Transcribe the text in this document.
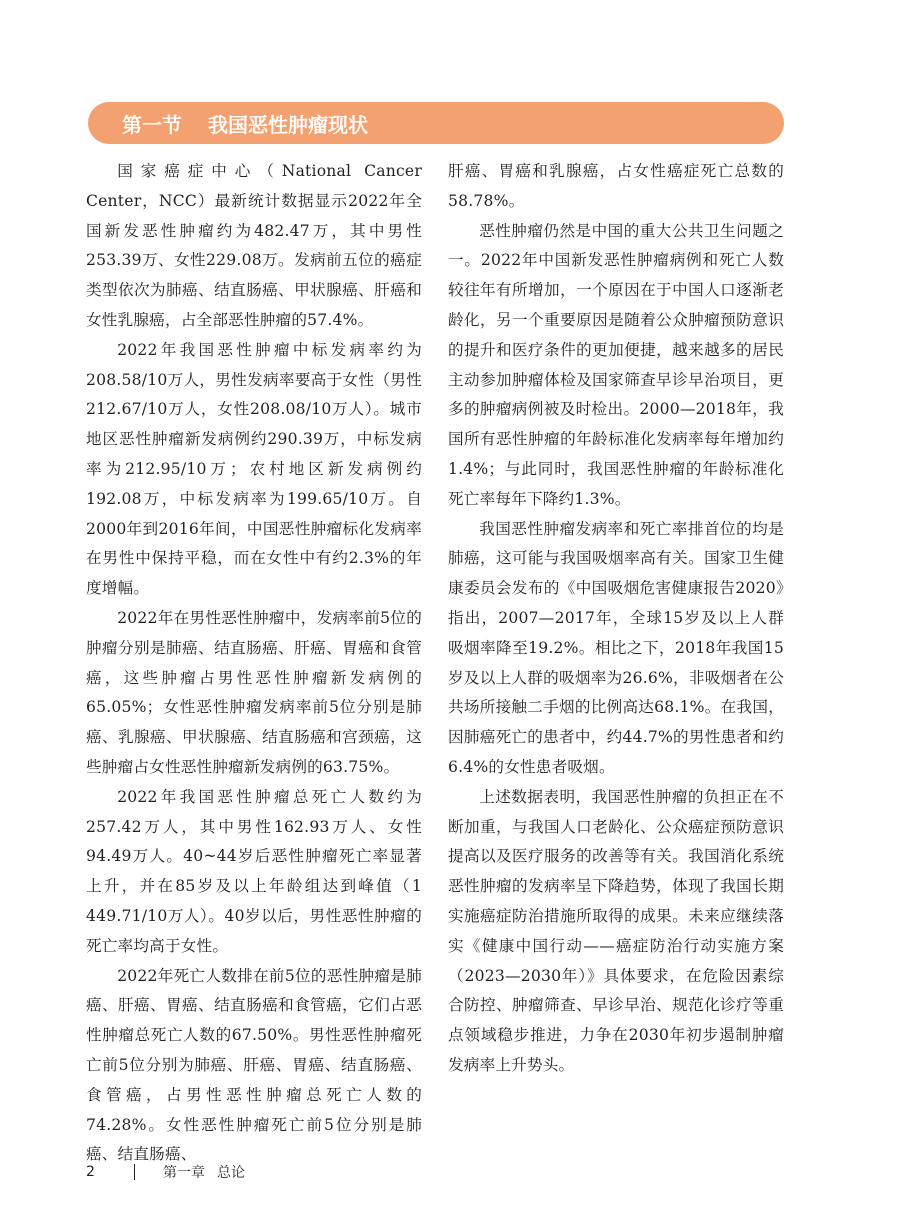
第一节 我国恶性肿瘤现状

国家癌症中心（National Cancer Center，NCC）最新统计数据显示2022年全国新发恶性肿瘤约为482.47万，其中男性253.39万、女性229.08万。发病前五位的癌症类型依次为肺癌、结直肠癌、甲状腺癌、肝癌和女性乳腺癌，占全部恶性肿瘤的57.4%。

2022年我国恶性肿瘤中标发病率约为208.58/10万人，男性发病率要高于女性（男性212.67/10万人，女性208.08/10万人）。城市地区恶性肿瘤新发病例约290.39万，中标发病率为212.95/10万；农村地区新发病例约192.08万，中标发病率为199.65/10万。自2000年到2016年间，中国恶性肿瘤标化发病率在男性中保持平稳，而在女性中有约2.3%的年度增幅。

2022年在男性恶性肿瘤中，发病率前5位的肿瘤分别是肺癌、结直肠癌、肝癌、胃癌和食管癌，这些肿瘤占男性恶性肿瘤新发病例的65.05%；女性恶性肿瘤发病率前5位分别是肺癌、乳腺癌、甲状腺癌、结直肠癌和宫颈癌，这些肿瘤占女性恶性肿瘤新发病例的63.75%。

2022年我国恶性肿瘤总死亡人数约为257.42万人，其中男性162.93万人、女性94.49万人。40~44岁后恶性肿瘤死亡率显著上升，并在85岁及以上年龄组达到峰值（1 449.71/10万人）。40岁以后，男性恶性肿瘤的死亡率均高于女性。

2022年死亡人数排在前5位的恶性肿瘤是肺癌、肝癌、胃癌、结直肠癌和食管癌，它们占恶性肿瘤总死亡人数的67.50%。男性恶性肿瘤死亡前5位分别为肺癌、肝癌、胃癌、结直肠癌、食管癌，占男性恶性肿瘤总死亡人数的74.28%。女性恶性肿瘤死亡前5位分别是肺癌、结直肠癌、

肝癌、胃癌和乳腺癌，占女性癌症死亡总数的58.78%。

恶性肿瘤仍然是中国的重大公共卫生问题之一。2022年中国新发恶性肿瘤病例和死亡人数较往年有所增加，一个原因在于中国人口逐渐老龄化，另一个重要原因是随着公众肿瘤预防意识的提升和医疗条件的更加便捷，越来越多的居民主动参加肿瘤体检及国家筛查早诊早治项目，更多的肿瘤病例被及时检出。2000—2018年，我国所有恶性肿瘤的年龄标准化发病率每年增加约1.4%；与此同时，我国恶性肿瘤的年龄标准化死亡率每年下降约1.3%。

我国恶性肿瘤发病率和死亡率排首位的均是肺癌，这可能与我国吸烟率高有关。国家卫生健康委员会发布的《中国吸烟危害健康报告2020》指出，2007—2017年，全球15岁及以上人群吸烟率降至19.2%。相比之下，2018年我国15岁及以上人群的吸烟率为26.6%，非吸烟者在公共场所接触二手烟的比例高达68.1%。在我国，因肺癌死亡的患者中，约44.7%的男性患者和约6.4%的女性患者吸烟。

上述数据表明，我国恶性肿瘤的负担正在不断加重，与我国人口老龄化、公众癌症预防意识提高以及医疗服务的改善等有关。我国消化系统恶性肿瘤的发病率呈下降趋势，体现了我国长期实施癌症防治措施所取得的成果。未来应继续落实《健康中国行动——癌症防治行动实施方案（2023—2030年）》具体要求，在危险因素综合防控、肿瘤筛查、早诊早治、规范化诊疗等重点领域稳步推进，力争在2030年初步遏制肿瘤发病率上升势头。

2	第一章 总论
